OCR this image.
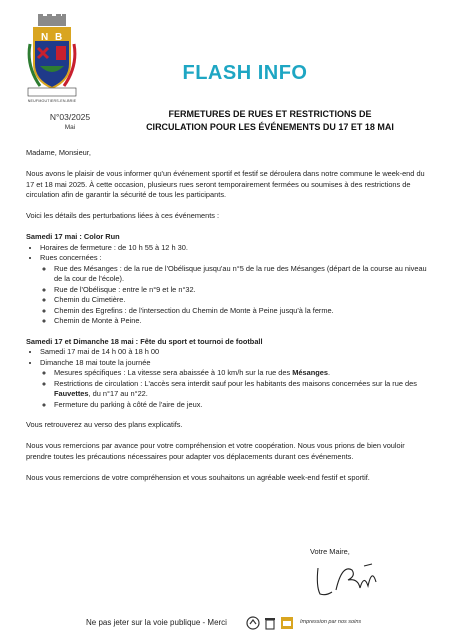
N B
NEUFMOUTIERS-EN-BRIE
FLASH INFO
N°03/2025
Mai
FERMETURES DE RUES ET RESTRICTIONS DE
CIRCULATION POUR LES ÉVÉNEMENTS DU 17 ET 18 MAI

Madame, Monsieur,

Nous avons le plaisir de vous informer qu'un événement sportif et festif se déroulera dans notre commune le week-end du 17 et 18 mai 2025. À cette occasion, plusieurs rues seront temporairement fermées ou soumises à des restrictions de circulation afin de garantir la sécurité de tous les participants.

Voici les détails des perturbations liées à ces événements :

Samedi 17 mai : Color Run
• Horaires de fermeture : de 10 h 55 à 12 h 30.
• Rues concernées :
◦ Rue des Mésanges : de la rue de l'Obélisque jusqu'au n°5 de la rue des Mésanges (départ de la course au niveau de la cour de l'école).
◦ Rue de l'Obélisque : entre le n°9 et le n°32.
◦ Chemin du Cimetière.
◦ Chemin des Egrefins : de l'intersection du Chemin de Monte à Peine jusqu'à la ferme.
◦ Chemin de Monte à Peine.
Samedi 17 et Dimanche 18 mai : Fête du sport et tournoi de football
• Samedi 17 mai de 14 h 00 à 18 h 00
• Dimanche 18 mai toute la journée
◦ Mesures spécifiques : La vitesse sera abaissée à 10 km/h sur la rue des Mésanges.
◦ Restrictions de circulation : L'accès sera interdit sauf pour les habitants des maisons concernées sur la rue des Fauvettes, du n°17 au n°22.
◦ Fermeture du parking à côté de l'aire de jeux.

Vous retrouverez au verso des plans explicatifs.

Nous vous remercions par avance pour votre compréhension et votre coopération. Nous vous prions de bien vouloir prendre toutes les précautions nécessaires pour adapter vos déplacements durant ces événements.

Nous vous remercions de votre compréhension et vous souhaitons un agréable week-end festif et sportif.

Votre Maire,
Ne pas jeter sur la voie publique - Merci	Impression par nos soins
